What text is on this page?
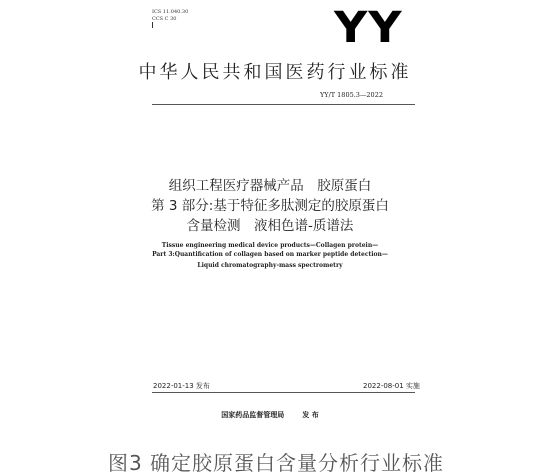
ICS 11.040.30
CCS C 30	YY
中华人民共和国医药行业标准
YY/T 1805.3—2022
组织工程医疗器械产品　胶原蛋白
第 3 部分:基于特征多肽测定的胶原蛋白
含量检测　液相色谱-质谱法
Tissue engineering medical device products—Collagen protein—
Part 3:Quantification of collagen based on marker peptide detection—
Liquid chromatography-mass spectrometry
2022-01-13 发布	2022-08-01 实施
国家药品监督管理局	发 布
图3 确定胶原蛋白含量分析行业标准
